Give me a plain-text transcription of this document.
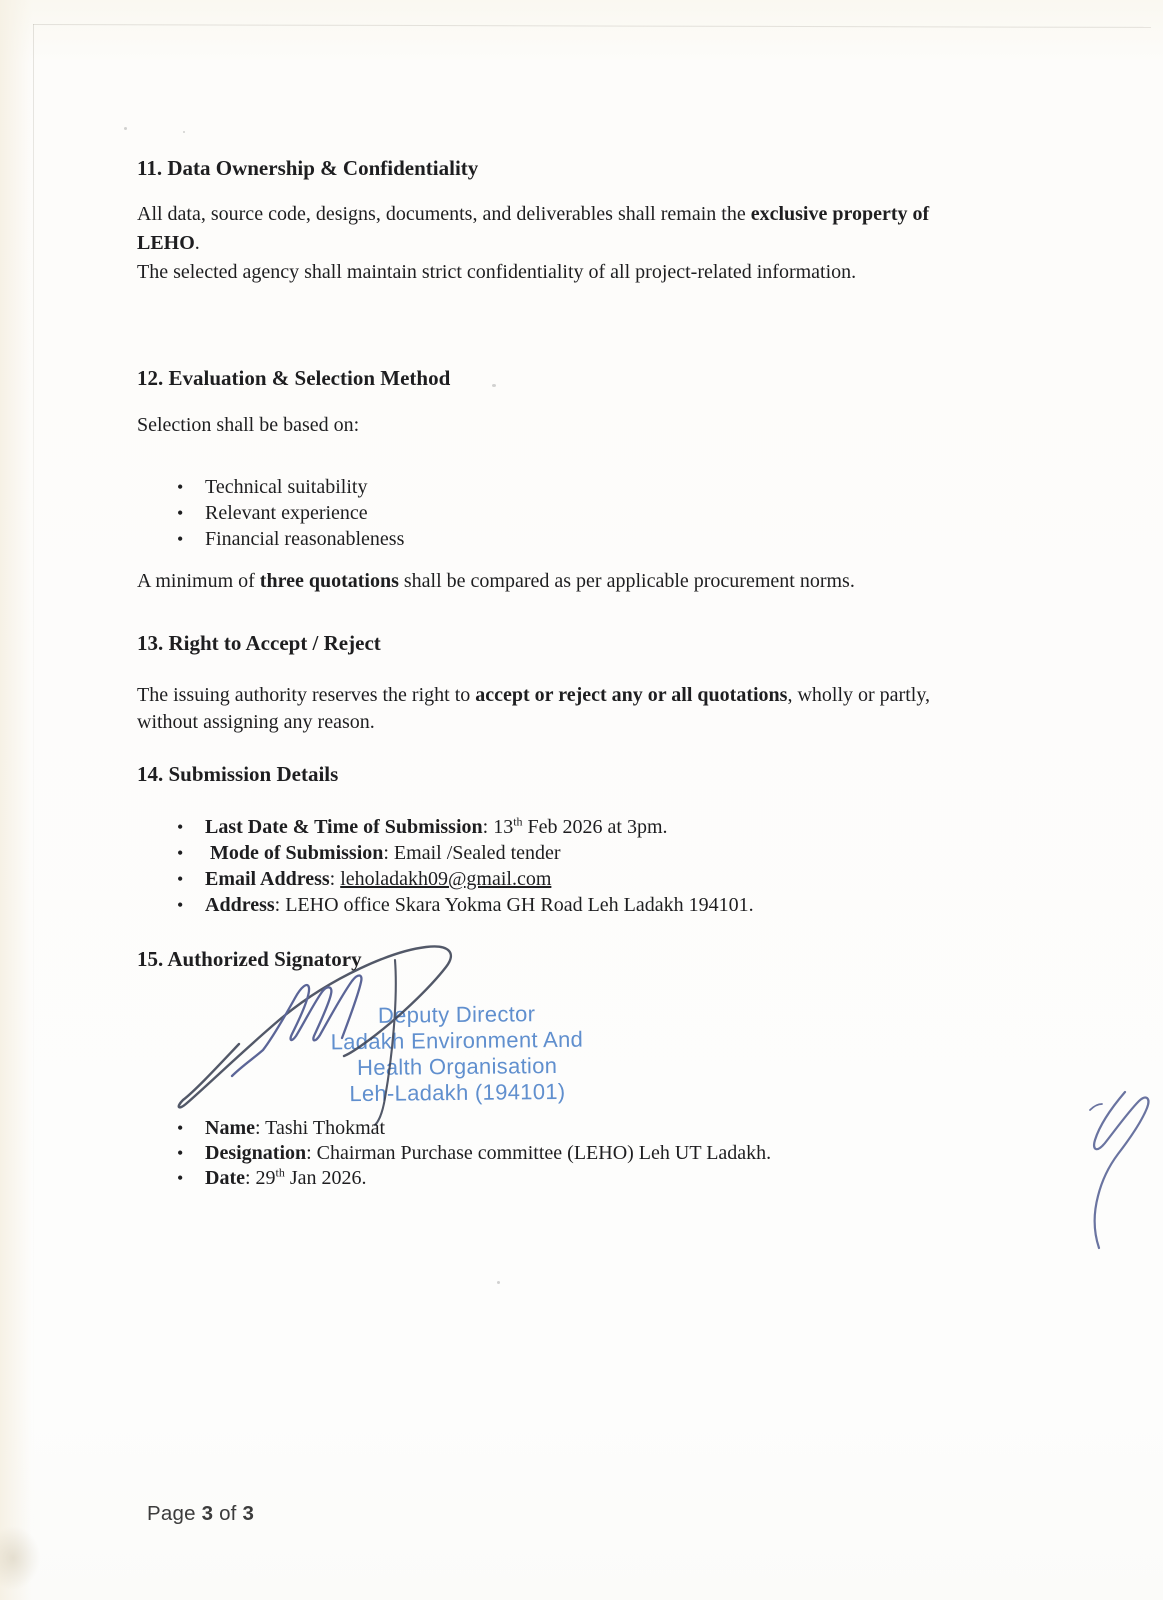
11. Data Ownership & Confidentiality
All data, source code, designs, documents, and deliverables shall remain the exclusive property of
LEHO.
The selected agency shall maintain strict confidentiality of all project-related information.
12. Evaluation & Selection Method
Selection shall be based on:
• Technical suitability
• Relevant experience
• Financial reasonableness
A minimum of three quotations shall be compared as per applicable procurement norms.
13. Right to Accept / Reject
The issuing authority reserves the right to accept or reject any or all quotations, wholly or partly,
without assigning any reason.
14. Submission Details
• Last Date & Time of Submission: 13th Feb 2026 at 3pm.
• Mode of Submission: Email /Sealed tender
• Email Address: leholadakh09@gmail.com
• Address: LEHO office Skara Yokma GH Road Leh Ladakh 194101.
15. Authorized Signatory
Deputy Director
Ladakh Environment And
Health Organisation
Leh-Ladakh (194101)
• Name: Tashi Thokmat
• Designation: Chairman Purchase committee (LEHO) Leh UT Ladakh.
• Date: 29th Jan 2026.
Page 3 of 3
